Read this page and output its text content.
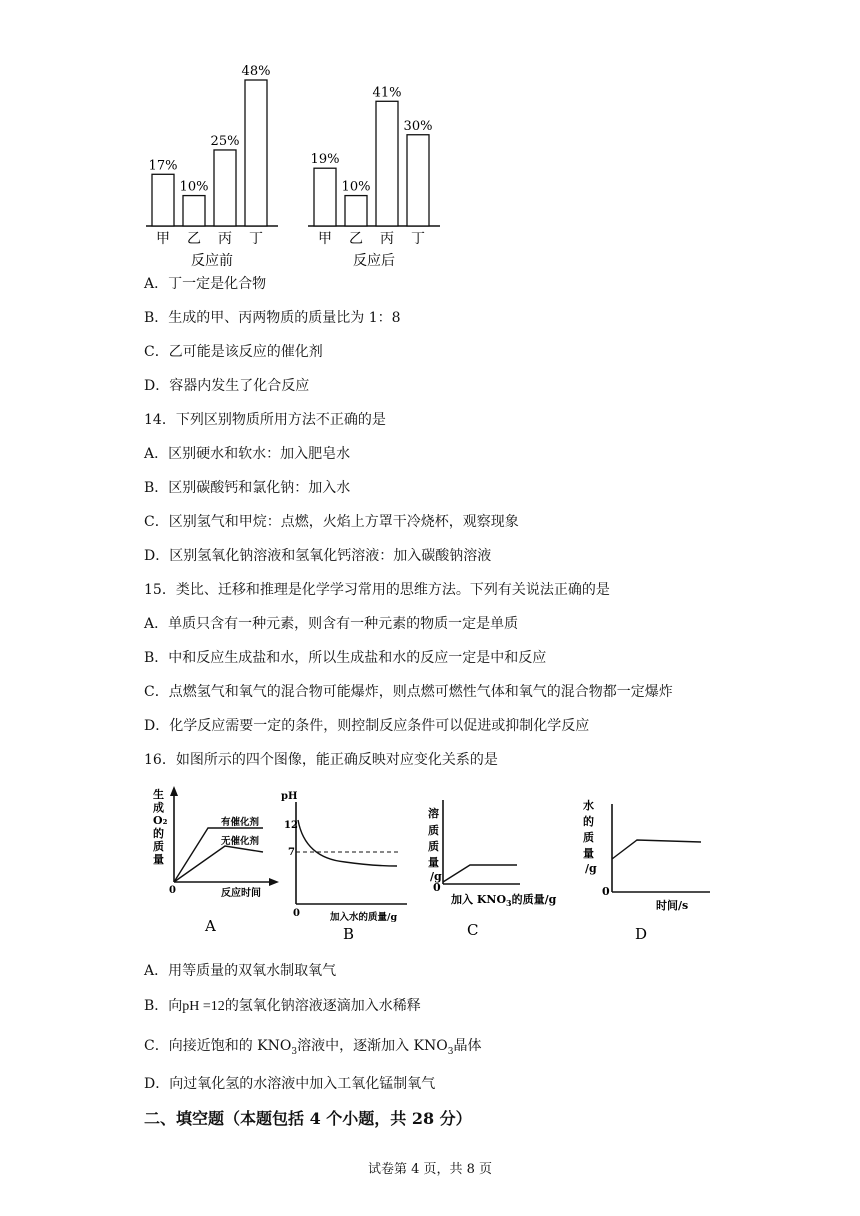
17%
甲
10%
乙
25%
丙
48%
丁
反应前
19%
甲
10%
乙
41%
丙
30%
丁
反应后
A．丁一定是化合物
B．生成的甲、丙两物质的质量比为 1：8
C．乙可能是该反应的催化剂
D．容器内发生了化合反应
14．下列区别物质所用方法不正确的是
A．区别硬水和软水：加入肥皂水
B．区别碳酸钙和氯化钠：加入水
C．区别氢气和甲烷：点燃，火焰上方罩干冷烧杯，观察现象
D．区别氢氧化钠溶液和氢氧化钙溶液：加入碳酸钠溶液
15．类比、迁移和推理是化学学习常用的思维方法。下列有关说法正确的是
A．单质只含有一种元素，则含有一种元素的物质一定是单质
B．中和反应生成盐和水，所以生成盐和水的反应一定是中和反应
C．点燃氢气和氧气的混合物可能爆炸，则点燃可燃性气体和氧气的混合物都一定爆炸
D．化学反应需要一定的条件，则控制反应条件可以促进或抑制化学反应
16．如图所示的四个图像，能正确反映对应变化关系的是
生
成
O₂
的
质
量
0
有催化剂
无催化剂
反应时间
A
pH
12
7
0	加入水的质量/g
B
溶
质
质
量
/g
0
加入 $KNO_3$的质量/g
C
水
的
质
量
/g
0
时间/s
D
A．用等质量的双氧水制取氧气
B．向pH =12的氢氧化钠溶液逐滴加入水稀释
C．向接近饱和的 $KNO_3$溶液中，逐渐加入 $KNO_3$晶体
D．向过氧化氢的水溶液中加入工氧化锰制氧气
二、填空题（本题包括 4 个小题，共 28 分）
试卷第 4 页，共 8 页
